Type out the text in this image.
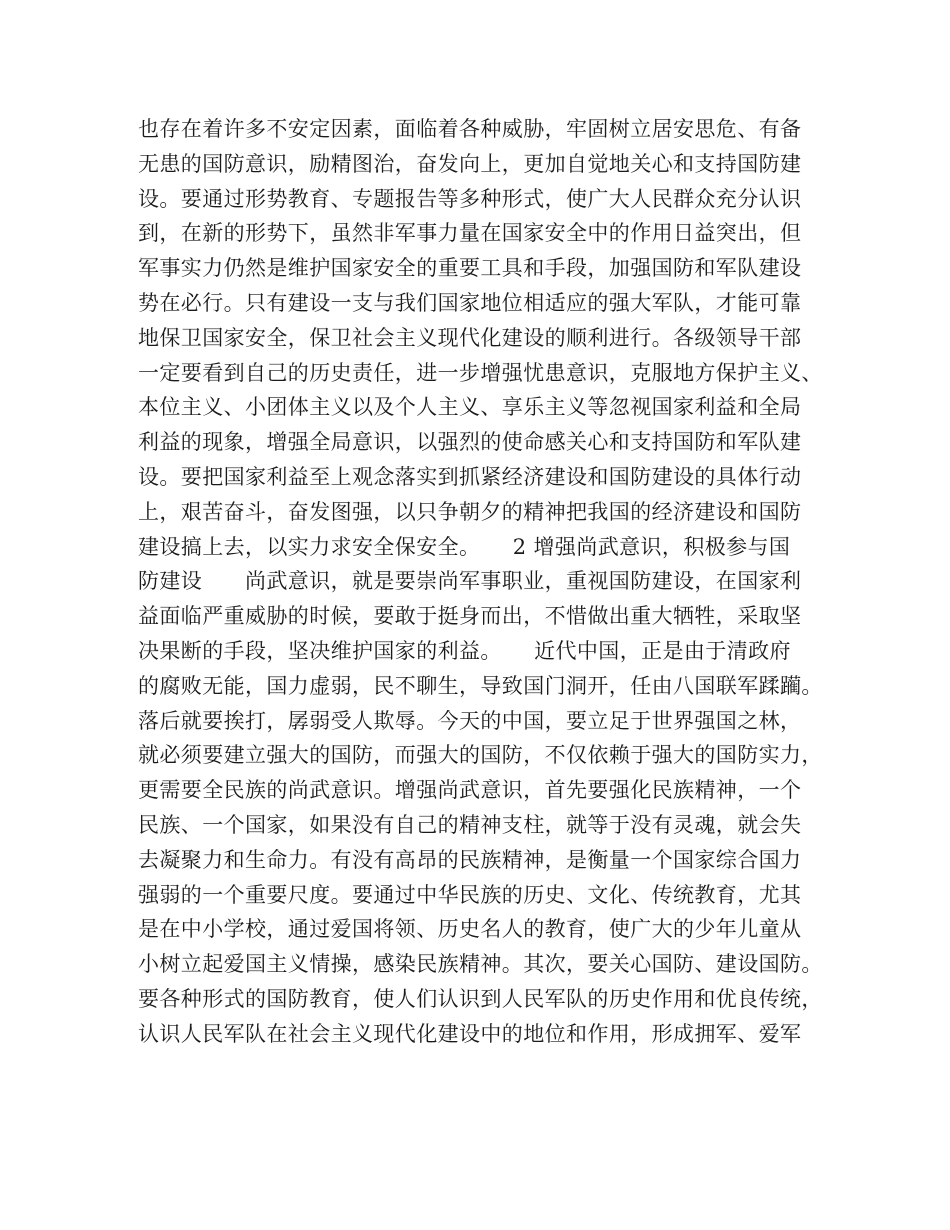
也存在着许多不安定因素，面临着各种威胁，牢固树立居安思危、有备
无患的国防意识，励精图治，奋发向上，更加自觉地关心和支持国防建
设。要通过形势教育、专题报告等多种形式，使广大人民群众充分认识
到，在新的形势下，虽然非军事力量在国家安全中的作用日益突出，但
军事实力仍然是维护国家安全的重要工具和手段，加强国防和军队建设
势在必行。只有建设一支与我们国家地位相适应的强大军队，才能可靠
地保卫国家安全，保卫社会主义现代化建设的顺利进行。各级领导干部
一定要看到自己的历史责任，进一步增强忧患意识，克服地方保护主义、
本位主义、小团体主义以及个人主义、享乐主义等忽视国家利益和全局
利益的现象，增强全局意识，以强烈的使命感关心和支持国防和军队建
设。要把国家利益至上观念落实到抓紧经济建设和国防建设的具体行动
上，艰苦奋斗，奋发图强，以只争朝夕的精神把我国的经济建设和国防
建设搞上去，以实力求安全保安全。　　2 增强尚武意识，积极参与国
防建设　　尚武意识，就是要崇尚军事职业，重视国防建设，在国家利
益面临严重威胁的时候，要敢于挺身而出，不惜做出重大牺牲，采取坚
决果断的手段，坚决维护国家的利益。　　近代中国，正是由于清政府
的腐败无能，国力虚弱，民不聊生，导致国门洞开，任由八国联军蹂躏。
落后就要挨打，孱弱受人欺辱。今天的中国，要立足于世界强国之林，
就必须要建立强大的国防，而强大的国防，不仅依赖于强大的国防实力，
更需要全民族的尚武意识。增强尚武意识，首先要强化民族精神，一个
民族、一个国家，如果没有自己的精神支柱，就等于没有灵魂，就会失
去凝聚力和生命力。有没有高昂的民族精神，是衡量一个国家综合国力
强弱的一个重要尺度。要通过中华民族的历史、文化、传统教育，尤其
是在中小学校，通过爱国将领、历史名人的教育，使广大的少年儿童从
小树立起爱国主义情操，感染民族精神。其次，要关心国防、建设国防。
要各种形式的国防教育，使人们认识到人民军队的历史作用和优良传统，
认识人民军队在社会主义现代化建设中的地位和作用，形成拥军、爱军
